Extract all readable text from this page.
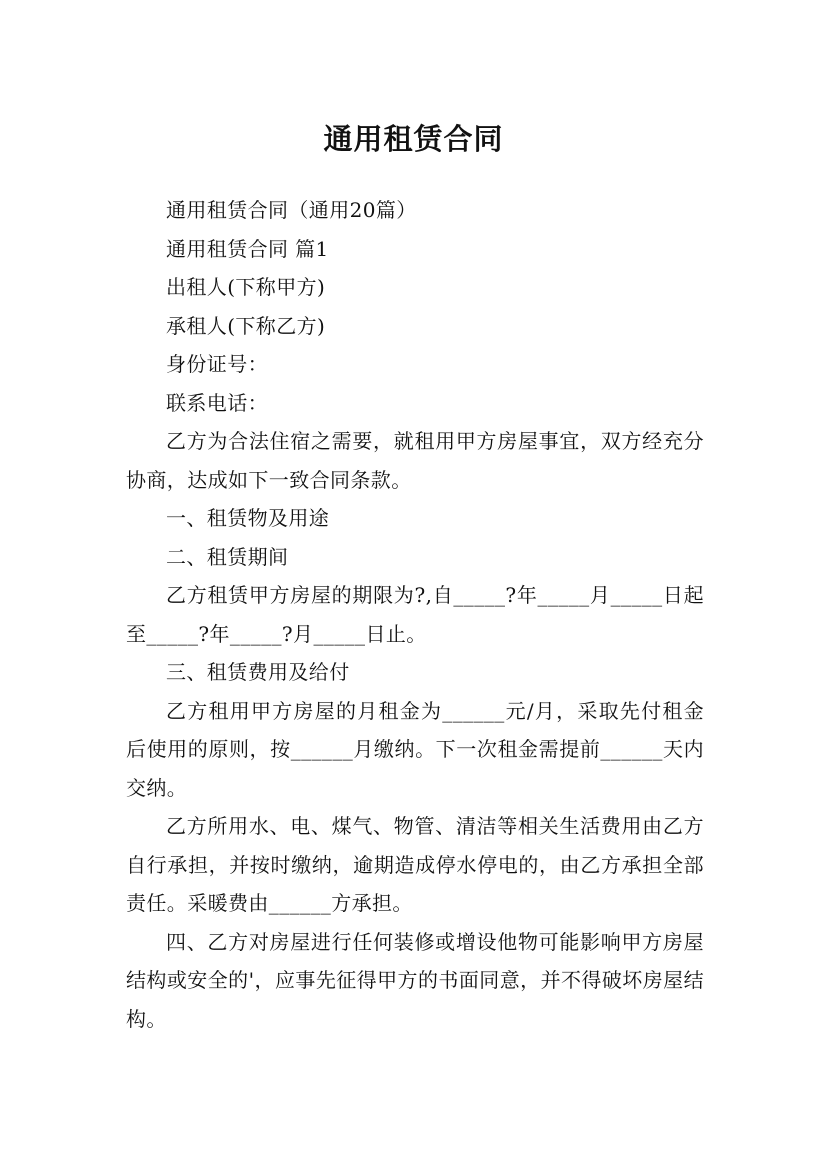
通用租赁合同

通用租赁合同（通用20篇）

通用租赁合同 篇1

出租人(下称甲方)

承租人(下称乙方)

身份证号：

联系电话：

乙方为合法住宿之需要，就租用甲方房屋事宜，双方经充分协商，达成如下一致合同条款。

一、租赁物及用途

二、租赁期间

乙方租赁甲方房屋的期限为?,自_____?年_____月_____日起至_____?年_____?月_____日止。

三、租赁费用及给付

乙方租用甲方房屋的月租金为______元/月，采取先付租金后使用的原则，按______月缴纳。下一次租金需提前______天内交纳。

乙方所用水、电、煤气、物管、清洁等相关生活费用由乙方自行承担，并按时缴纳，逾期造成停水停电的，由乙方承担全部责任。采暖费由______方承担。

四、乙方对房屋进行任何装修或增设他物可能影响甲方房屋结构或安全的'，应事先征得甲方的书面同意，并不得破坏房屋结构。
